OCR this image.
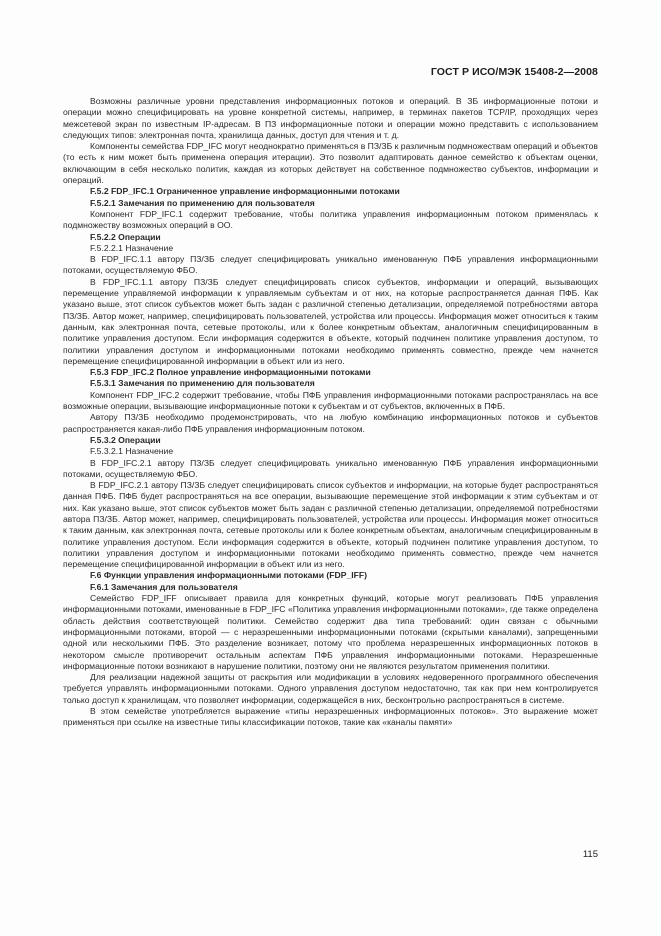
ГОСТ Р ИСО/МЭК 15408-2—2008

Возможны различные уровни представления информационных потоков и операций. В ЗБ информационные потоки и операции можно специфицировать на уровне конкретной системы, например, в терминах пакетов TCP/IP, проходящих через межсетевой экран по известным IP-адресам. В ПЗ информационные потоки и операции можно представить с использованием следующих типов: электронная почта, хранилища данных, доступ для чтения и т. д.

Компоненты семейства FDP_IFC могут неоднократно применяться в ПЗ/ЗБ к различным подмножествам операций и объектов (то есть к ним может быть применена операция итерации). Это позволит адаптировать данное семейство к объектам оценки, включающим в себя несколько политик, каждая из которых действует на собственное подмножество субъектов, информации и операций.

F.5.2 FDP_IFC.1 Ограниченное управление информационными потоками
F.5.2.1 Замечания по применению для пользователя

Компонент FDP_IFC.1 содержит требование, чтобы политика управления информационным потоком применялась к подмножеству возможных операций в ОО.

F.5.2.2 Операции
F.5.2.2.1 Назначение

В FDP_IFC.1.1 автору ПЗ/ЗБ следует специфицировать уникально именованную ПФБ управления информационными потоками, осуществляемую ФБО.

В FDP_IFC.1.1 автору ПЗ/ЗБ следует специфицировать список субъектов, информации и операций, вызывающих перемещение управляемой информации к управляемым субъектам и от них, на которые распространяется данная ПФБ. Как указано выше, этот список субъектов может быть задан с различной степенью детализации, определяемой потребностями автора ПЗ/ЗБ. Автор может, например, специфицировать пользователей, устройства или процессы. Информация может относиться к таким данным, как электронная почта, сетевые протоколы, или к более конкретным объектам, аналогичным специфицированным в политике управления доступом. Если информация содержится в объекте, который подчинен политике управления доступом, то политики управления доступом и информационными потоками необходимо применять совместно, прежде чем начнется перемещение специфицированной информации в объект или из него.

F.5.3 FDP_IFC.2 Полное управление информационными потоками
F.5.3.1 Замечания по применению для пользователя

Компонент FDP_IFC.2 содержит требование, чтобы ПФБ управления информационными потоками распространялась на все возможные операции, вызывающие информационные потоки к субъектам и от субъектов, включенных в ПФБ.

Автору ПЗ/ЗБ необходимо продемонстрировать, что на любую комбинацию информационных потоков и субъектов распространяется какая-либо ПФБ управления информационным потоком.

F.5.3.2 Операции
F.5.3.2.1 Назначение

В FDP_IFC.2.1 автору ПЗ/ЗБ следует специфицировать уникально именованную ПФБ управления информационными потоками, осуществляемую ФБО.

В FDP_IFC.2.1 автору ПЗ/ЗБ следует специфицировать список субъектов и информации, на которые будет распространяться данная ПФБ. ПФБ будет распространяться на все операции, вызывающие перемещение этой информации к этим субъектам и от них. Как указано выше, этот список субъектов может быть задан с различной степенью детализации, определяемой потребностями автора ПЗ/ЗБ. Автор может, например, специфицировать пользователей, устройства или процессы. Информация может относиться к таким данным, как электронная почта, сетевые протоколы или к более конкретным объектам, аналогичным специфицированным в политике управления доступом. Если информация содержится в объекте, который подчинен политике управления доступом, то политики управления доступом и информационными потоками необходимо применять совместно, прежде чем начнется перемещение специфицированной информации в объект или из него.

F.6 Функции управления информационными потоками (FDP_IFF)
F.6.1 Замечания для пользователя

Семейство FDP_IFF описывает правила для конкретных функций, которые могут реализовать ПФБ управления информационными потоками, именованные в FDP_IFC «Политика управления информационными потоками», где также определена область действия соответствующей политики. Семейство содержит два типа требований: один связан с обычными информационными потоками, второй — с неразрешенными информационными потоками (скрытыми каналами), запрещенными одной или несколькими ПФБ. Это разделение возникает, потому что проблема неразрешенных информационных потоков в некотором смысле противоречит остальным аспектам ПФБ управления информационными потоками. Неразрешенные информационные потоки возникают в нарушение политики, поэтому они не являются результатом применения политики.

Для реализации надежной защиты от раскрытия или модификации в условиях недоверенного программного обеспечения требуется управлять информационными потоками. Одного управления доступом недостаточно, так как при нем контролируется только доступ к хранилищам, что позволяет информации, содержащейся в них, бесконтрольно распространяться в системе.

В этом семействе употребляется выражение «типы неразрешенных информационных потоков». Это выражение может применяться при ссылке на известные типы классификации потоков, такие как «каналы памяти»

115
